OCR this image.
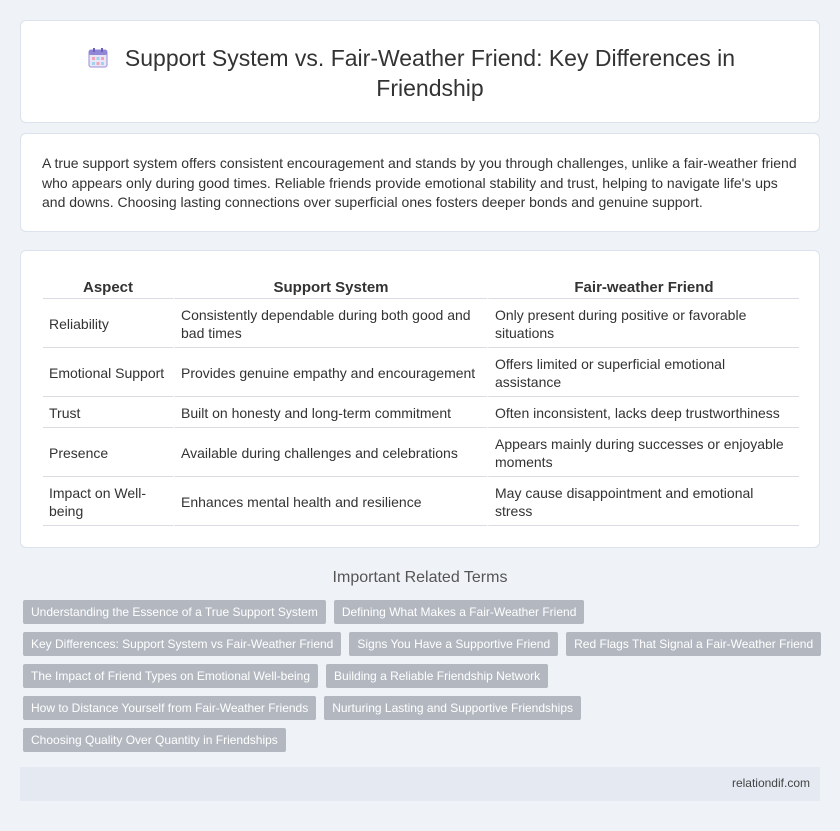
Support System vs. Fair-Weather Friend: Key Differences in Friendship

A true support system offers consistent encouragement and stands by you through challenges, unlike a fair-weather friend who appears only during good times. Reliable friends provide emotional stability and trust, helping to navigate life's ups and downs. Choosing lasting connections over superficial ones fosters deeper bonds and genuine support.

Aspect	Support System	Fair-weather Friend
Reliability	Consistently dependable during both good and bad times	Only present during positive or favorable situations
Emotional Support	Provides genuine empathy and encouragement	Offers limited or superficial emotional assistance
Trust	Built on honesty and long-term commitment	Often inconsistent, lacks deep trustworthiness
Presence	Available during challenges and celebrations	Appears mainly during successes or enjoyable moments
Impact on Well-being	Enhances mental health and resilience	May cause disappointment and emotional stress
Important Related Terms
Understanding the Essence of a True Support System	Defining What Makes a Fair-Weather Friend
Key Differences: Support System vs Fair-Weather Friend	Signs You Have a Supportive Friend	Red Flags That Signal a Fair-Weather Friend
The Impact of Friend Types on Emotional Well-being	Building a Reliable Friendship Network
How to Distance Yourself from Fair-Weather Friends	Nurturing Lasting and Supportive Friendships
Choosing Quality Over Quantity in Friendships
relationdif.com
